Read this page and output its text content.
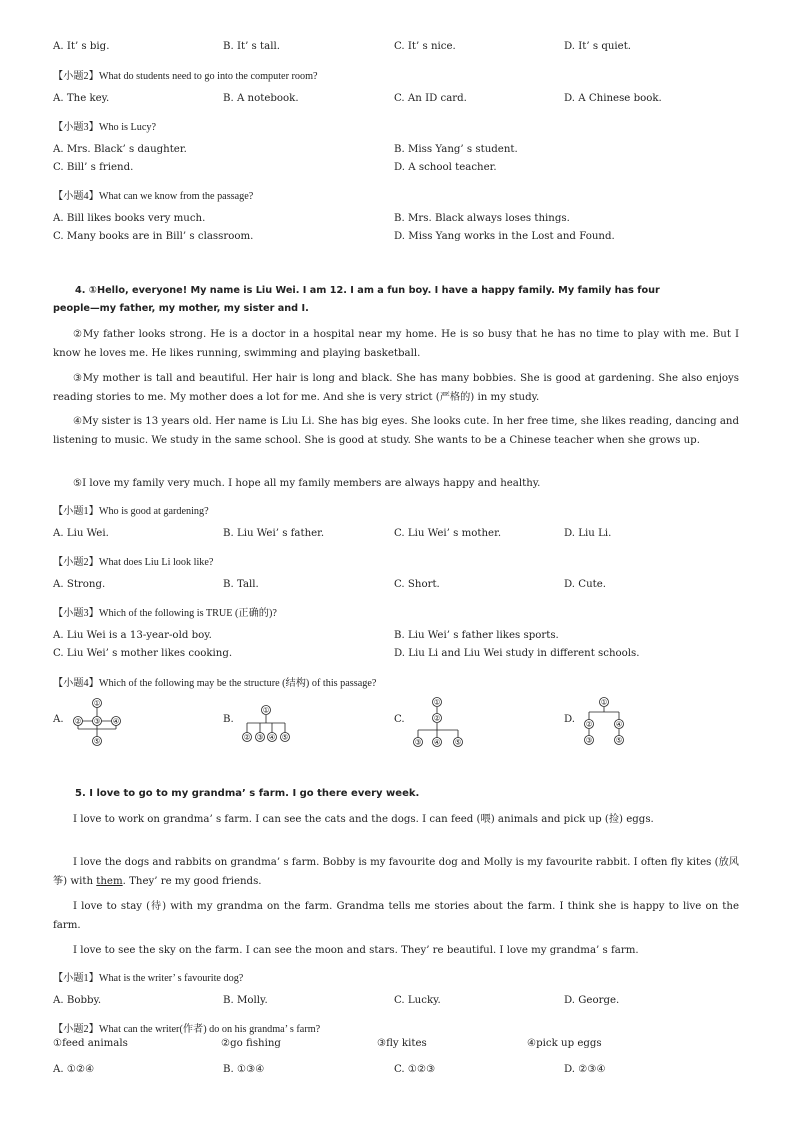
A. It’ s big.	B. It’ s tall.	C. It’ s nice.	D. It’ s quiet.
【小题2】What do students need to go into the computer room?
A. The key.	B. A notebook.	C. An ID card.	D. A Chinese book.
【小题3】Who is Lucy?
A. Mrs. Black’ s daughter.	B. Miss Yang’ s student.
C. Bill’ s friend.	D. A school teacher.
【小题4】What can we know from the passage?
A. Bill likes books very much.	B. Mrs. Black always loses things.
C. Many books are in Bill’ s classroom.	D. Miss Yang works in the Lost and Found.
4. ①Hello, everyone! My name is Liu Wei. I am 12. I am a fun boy. I have a happy family. My family has four
people—my father, my mother, my sister and I.
②My father looks strong. He is a doctor in a hospital near my home. He is so busy that he has no time to play with me. But I know he loves me. He likes running, swimming and playing basketball.
③My mother is tall and beautiful. Her hair is long and black. She has many bobbies. She is good at gardening. She also enjoys reading stories to me. My mother does a lot for me. And she is very strict (严格的) in my study.
④My sister is 13 years old. Her name is Liu Li. She has big eyes. She looks cute. In her free time, she likes reading, dancing and listening to music. We study in the same school. She is good at study. She wants to be a Chinese teacher when she grows up.
⑤I love my family very much. I hope all my family members are always happy and healthy.
【小题1】Who is good at gardening?
A. Liu Wei.	B. Liu Wei’ s father.	C. Liu Wei’ s mother.	D. Liu Li.
【小题2】What does Liu Li look like?
A. Strong.	B. Tall.	C. Short.	D. Cute.
【小题3】Which of the following is TRUE (正确的)?
A. Liu Wei is a 13-year-old boy.	B. Liu Wei’ s father likes sports.
C. Liu Wei’ s mother likes cooking.	D. Liu Li and Liu Wei study in different schools.
【小题4】Which of the following may be the structure (结构) of this passage?
A.
①
② ③ ④
⑤
B.
①
② ③ ④ ⑤
C.
①
②
③ ④ ⑤
D.
①
②	④
③	⑤
5. I love to go to my grandma’ s farm. I go there every week.
I love to work on grandma’ s farm. I can see the cats and the dogs. I can feed (喂) animals and pick up (捡) eggs.
I love the dogs and rabbits on grandma’ s farm. Bobby is my favourite dog and Molly is my favourite rabbit. I often fly kites (放风筝) with them. They’ re my good friends.
I love to stay (待) with my grandma on the farm. Grandma tells me stories about the farm. I think she is happy to live on the farm.
I love to see the sky on the farm. I can see the moon and stars. They’ re beautiful. I love my grandma’ s farm.
【小题1】What is the writer’ s favourite dog?
A. Bobby.	B. Molly.	C. Lucky.	D. George.
【小题2】What can the writer(作者) do on his grandma’ s farm?
①feed animals	②go fishing	③fly kites	④pick up eggs
A. ①②④	B. ①③④	C. ①②③	D. ②③④
